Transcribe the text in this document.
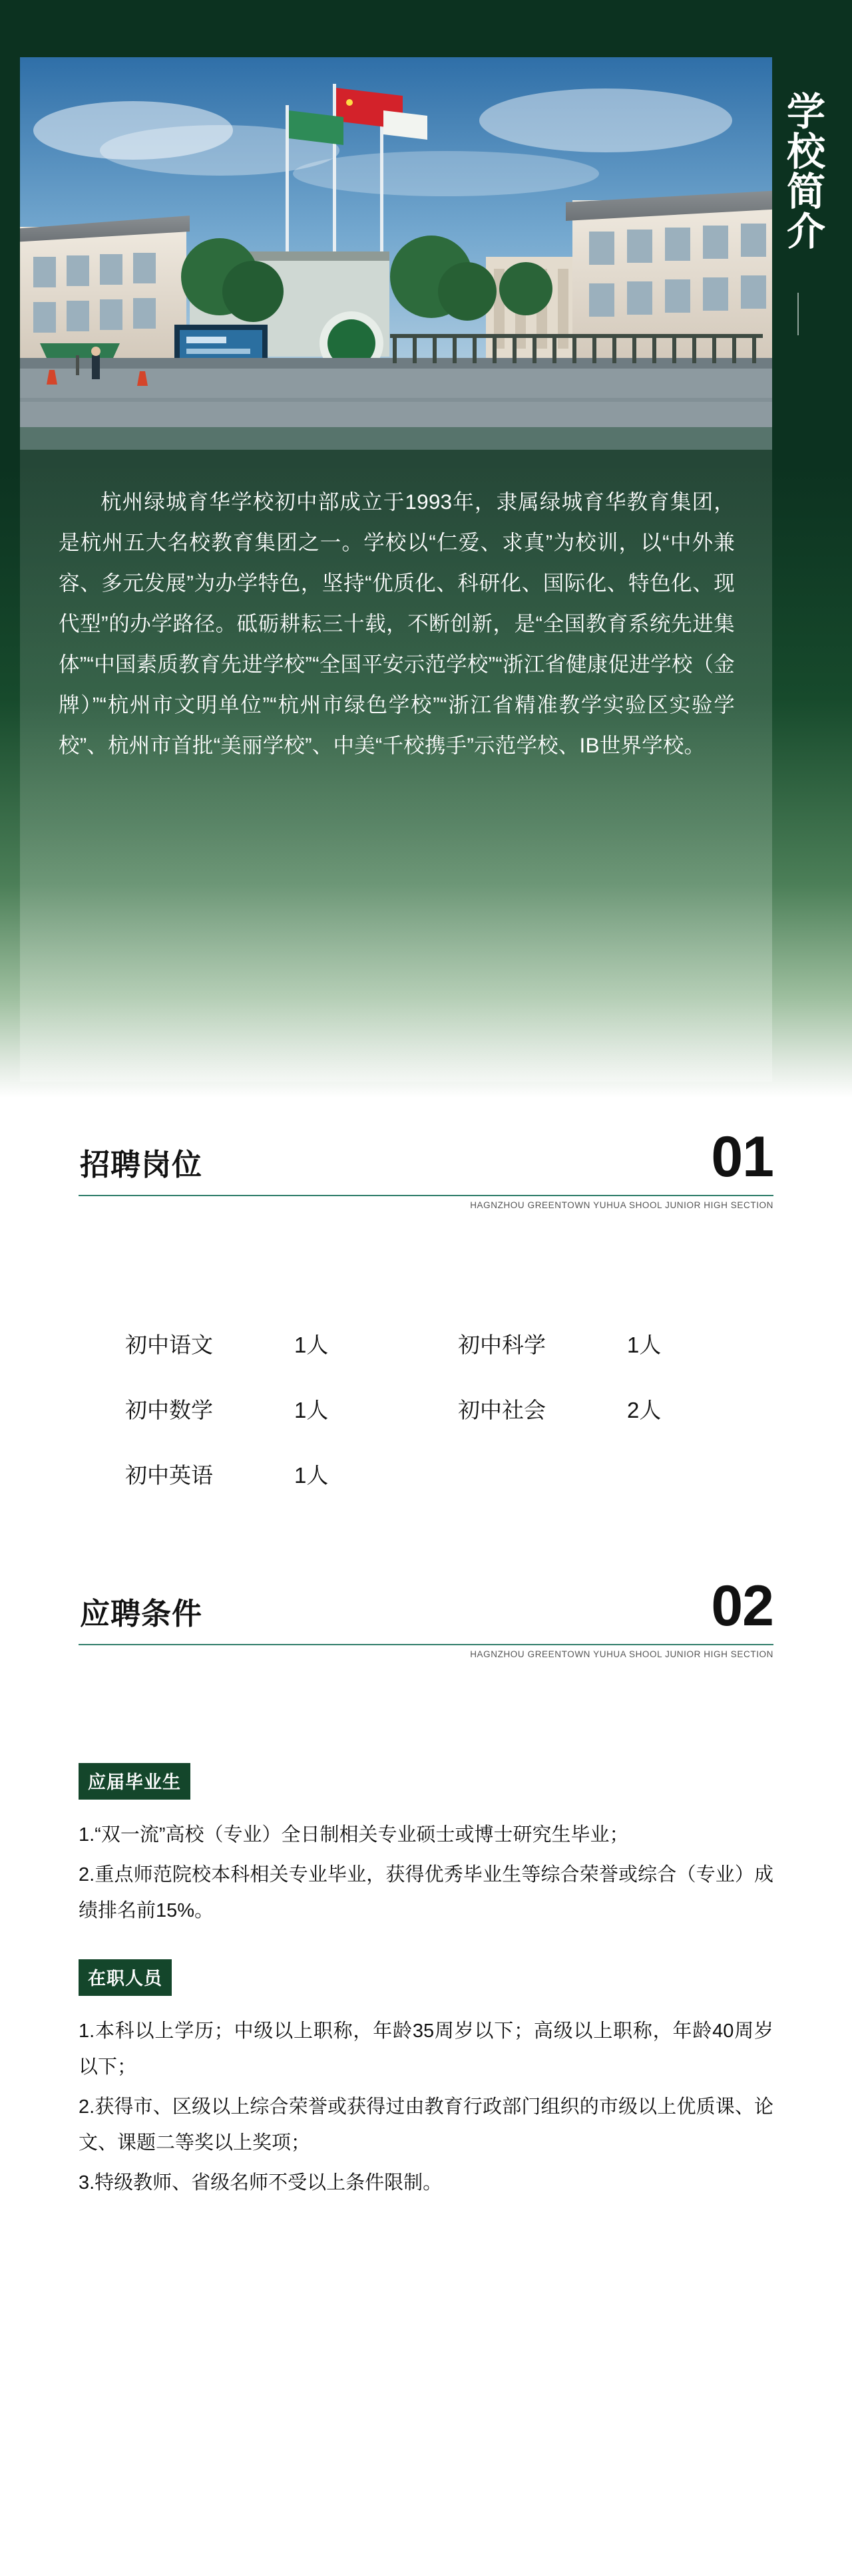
学校简介
杭州绿城育华学校初中部成立于1993年，隶属绿城育华教育集团，是杭州五大名校教育集团之一。学校以“仁爱、求真”为校训，以“中外兼容、多元发展”为办学特色，坚持“优质化、科研化、国际化、特色化、现代型”的办学路径。砥砺耕耘三十载，不断创新，是“全国教育系统先进集体”“中国素质教育先进学校”“全国平安示范学校”“浙江省健康促进学校（金牌）”“杭州市文明单位”“杭州市绿色学校”“浙江省精准教学实验区实验学校”、杭州市首批“美丽学校”、中美“千校携手”示范学校、IB世界学校。
招聘岗位	01
HAGNZHOU GREENTOWN YUHUA SHOOL JUNIOR HIGH SECTION
初中语文	1人	初中科学	1人
初中数学	1人	初中社会	2人
初中英语	1人
应聘条件	02
HAGNZHOU GREENTOWN YUHUA SHOOL JUNIOR HIGH SECTION
应届毕业生
1.“双一流”高校（专业）全日制相关专业硕士或博士研究生毕业；
2.重点师范院校本科相关专业毕业，获得优秀毕业生等综合荣誉或综合（专业）成绩排名前15%。
在职人员
1.本科以上学历；中级以上职称，年龄35周岁以下；高级以上职称，年龄40周岁以下；
2.获得市、区级以上综合荣誉或获得过由教育行政部门组织的市级以上优质课、论文、课题二等奖以上奖项；
3.特级教师、省级名师不受以上条件限制。
